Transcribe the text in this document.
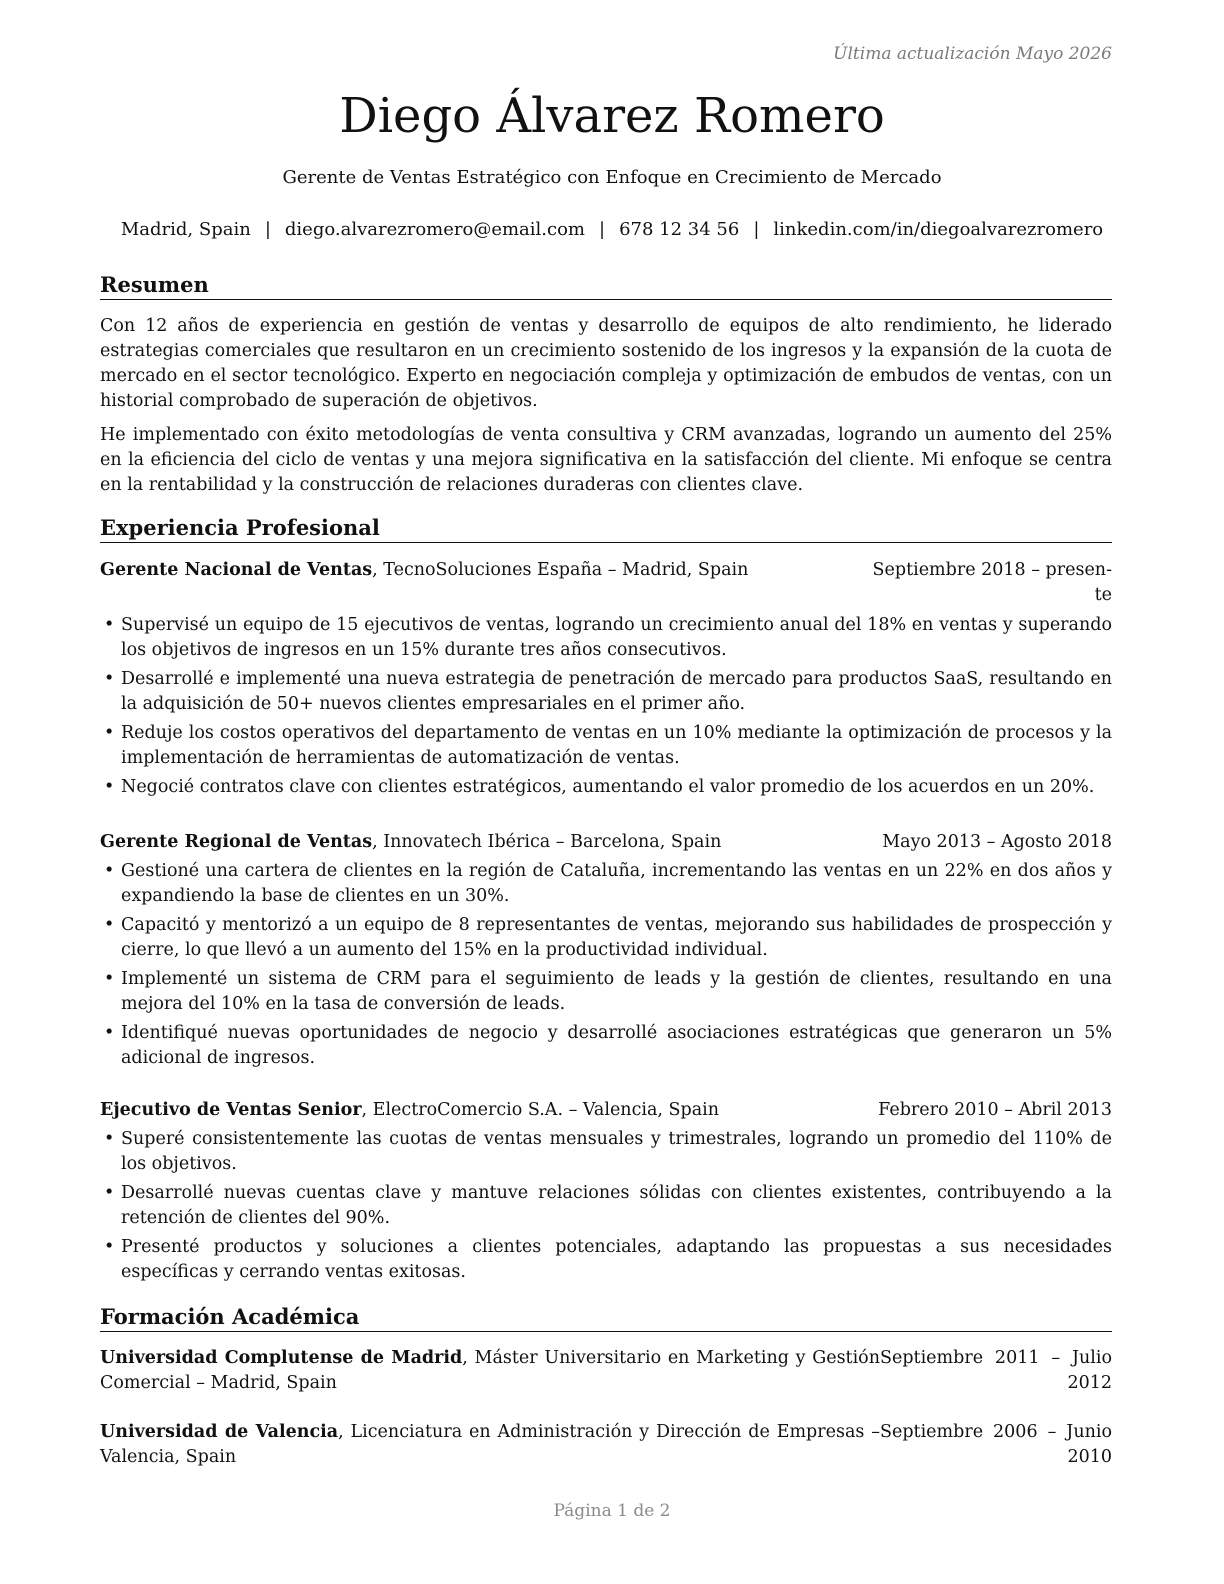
Última actualización Mayo 2026
Diego Álvarez Romero
Gerente de Ventas Estratégico con Enfoque en Crecimiento de Mercado
Madrid, Spain | diego.alvarezromero@email.com | 678 12 34 56 | linkedin.com/in/diegoalvarezromero
Resumen
Con 12 años de experiencia en gestión de ventas y desarrollo de equipos de alto rendimiento, he liderado estrategias comerciales que resultaron en un crecimiento sostenido de los ingresos y la expansión de la cuota de mercado en el sector tecnológico. Experto en negociación compleja y optimización de embudos de ventas, con un historial comprobado de superación de objetivos.
He implementado con éxito metodologías de venta consultiva y CRM avanzadas, logrando un aumento del 25% en la eficiencia del ciclo de ventas y una mejora significativa en la satisfacción del cliente. Mi enfoque se centra en la rentabilidad y la construcción de relaciones duraderas con clientes clave.
Experiencia Profesional
Gerente Nacional de Ventas, TecnoSoluciones España – Madrid, Spain	Septiembre 2018 – presen-
te
• Supervisé un equipo de 15 ejecutivos de ventas, logrando un crecimiento anual del 18% en ventas y superando los objetivos de ingresos en un 15% durante tres años consecutivos.
• Desarrollé e implementé una nueva estrategia de penetración de mercado para productos SaaS, resultando en la adquisición de 50+ nuevos clientes empresariales en el primer año.
• Reduje los costos operativos del departamento de ventas en un 10% mediante la optimización de procesos y la implementación de herramientas de automatización de ventas.
• Negocié contratos clave con clientes estratégicos, aumentando el valor promedio de los acuerdos en un 20%.
Gerente Regional de Ventas, Innovatech Ibérica – Barcelona, Spain	Mayo 2013 – Agosto 2018
• Gestioné una cartera de clientes en la región de Cataluña, incrementando las ventas en un 22% en dos años y expandiendo la base de clientes en un 30%.
• Capacitó y mentorizó a un equipo de 8 representantes de ventas, mejorando sus habilidades de prospección y cierre, lo que llevó a un aumento del 15% en la productividad individual.
• Implementé un sistema de CRM para el seguimiento de leads y la gestión de clientes, resultando en una mejora del 10% en la tasa de conversión de leads.
• Identifiqué nuevas oportunidades de negocio y desarrollé asociaciones estratégicas que generaron un 5% adicional de ingresos.
Ejecutivo de Ventas Senior, ElectroComercio S.A. – Valencia, Spain	Febrero 2010 – Abril 2013
• Superé consistentemente las cuotas de ventas mensuales y trimestrales, logrando un promedio del 110% de los objetivos.
• Desarrollé nuevas cuentas clave y mantuve relaciones sólidas con clientes existentes, contribuyendo a la retención de clientes del 90%.
• Presenté productos y soluciones a clientes potenciales, adaptando las propuestas a sus necesidades específicas y cerrando ventas exitosas.
Formación Académica
Universidad Complutense de Madrid, Máster Universitario en Marketing y Gestión Comercial – Madrid, Spain
Septiembre 2011 – Julio 2012
Universidad de Valencia, Licenciatura en Administración y Dirección de Empresas – Valencia, Spain
Septiembre 2006 – Junio 2010
Página 1 de 2
